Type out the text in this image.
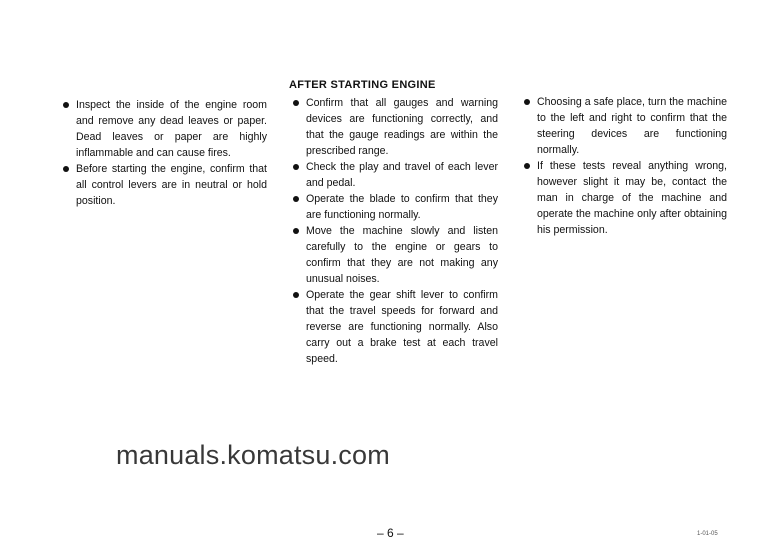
AFTER STARTING ENGINE
Inspect the inside of the engine room and remove any dead leaves or paper. Dead leaves or paper are highly inflammable and can cause fires.
Before starting the engine, confirm that all control levers are in neutral or hold position.
Confirm that all gauges and warning devices are functioning correctly, and that the gauge readings are within the prescribed range.
Check the play and travel of each lever and pedal.
Operate the blade to confirm that they are functioning normally.
Move the machine slowly and listen carefully to the engine or gears to confirm that they are not making any unusual noises.
Operate the gear shift lever to confirm that the travel speeds for forward and reverse are functioning normally. Also carry out a brake test at each travel speed.
Choosing a safe place, turn the machine to the left and right to confirm that the steering devices are functioning normally.
If these tests reveal anything wrong, however slight it may be, contact the man in charge of the machine and operate the machine only after obtaining his permission.
manuals.komatsu.com
– 6 –	1-01-05
